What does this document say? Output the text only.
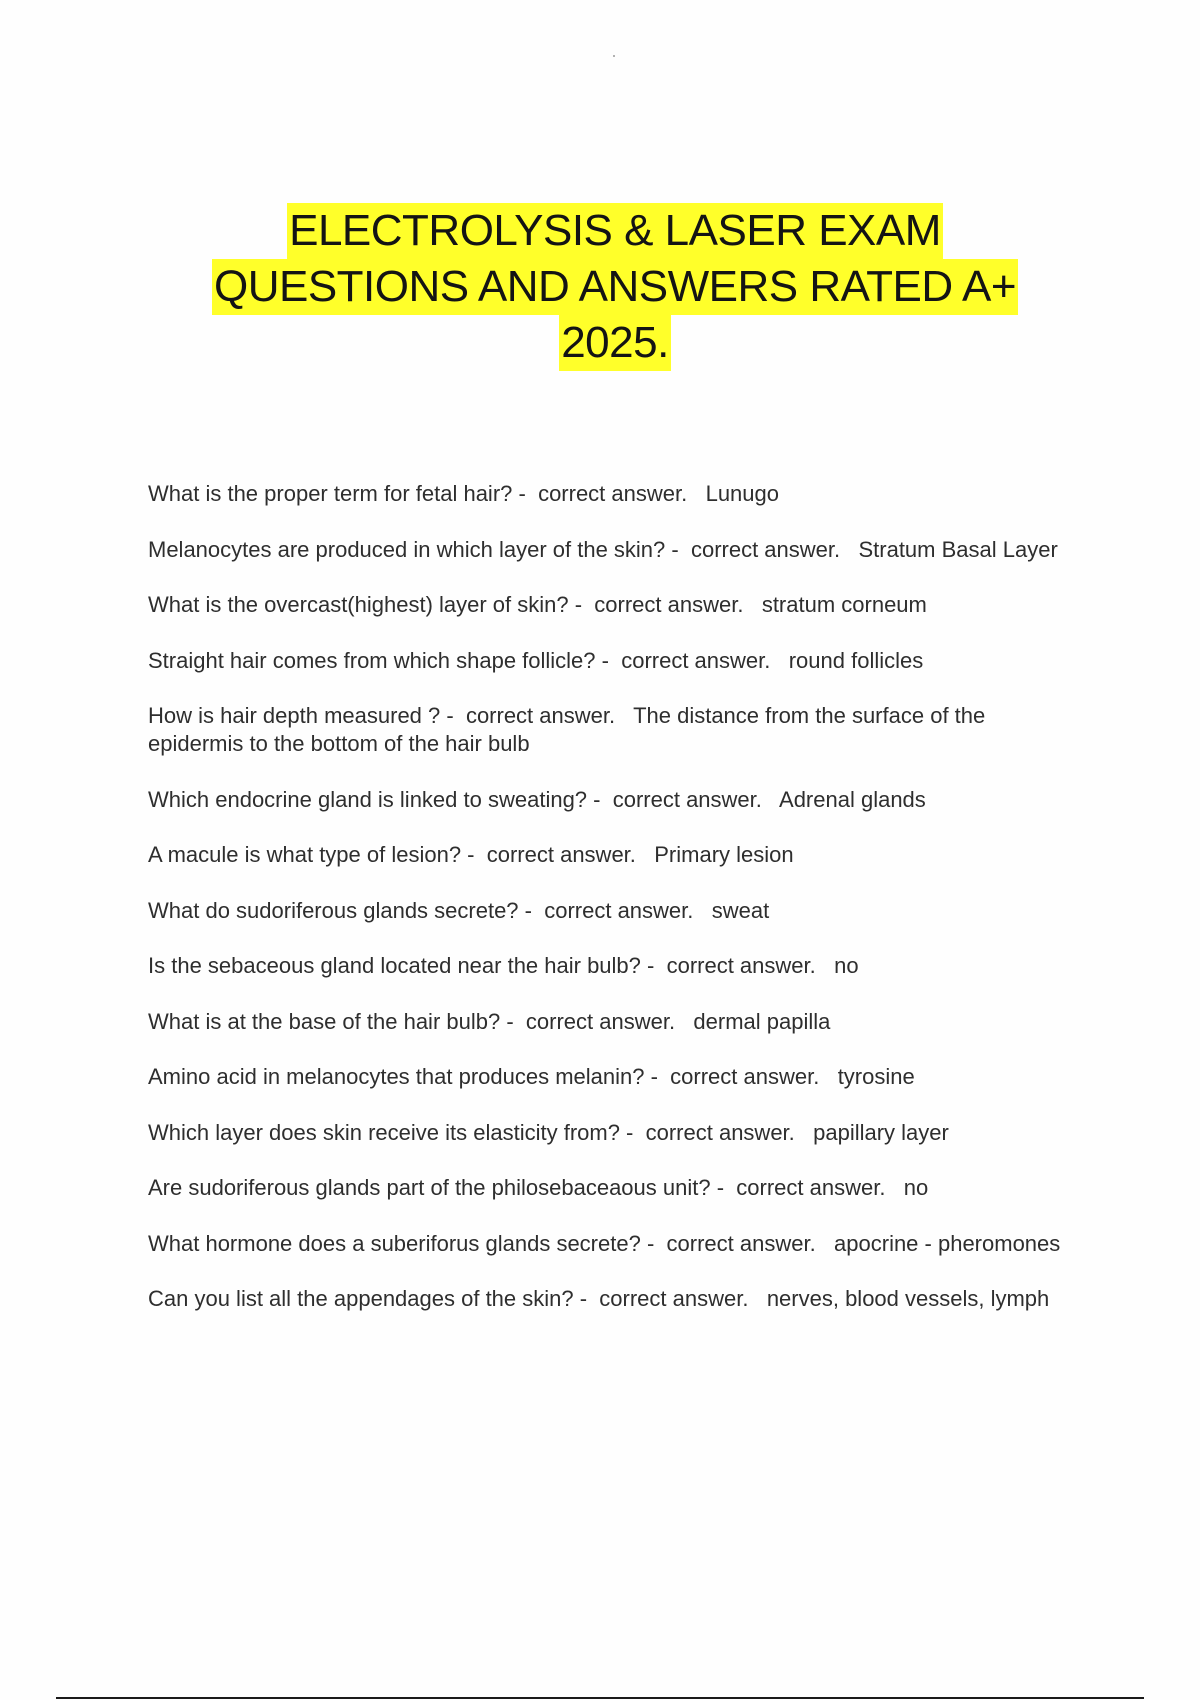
ELECTROLYSIS & LASER EXAM
QUESTIONS AND ANSWERS RATED A+
2025.
What is the proper term for fetal hair? - correct answer. Lunugo
Melanocytes are produced in which layer of the skin? - correct answer. Stratum Basal Layer
What is the overcast(highest) layer of skin? - correct answer. stratum corneum
Straight hair comes from which shape follicle? - correct answer. round follicles
How is hair depth measured ? - correct answer. The distance from the surface of the epidermis to the bottom of the hair bulb
Which endocrine gland is linked to sweating? - correct answer. Adrenal glands
A macule is what type of lesion? - correct answer. Primary lesion
What do sudoriferous glands secrete? - correct answer. sweat
Is the sebaceous gland located near the hair bulb? - correct answer. no
What is at the base of the hair bulb? - correct answer. dermal papilla
Amino acid in melanocytes that produces melanin? - correct answer. tyrosine
Which layer does skin receive its elasticity from? - correct answer. papillary layer
Are sudoriferous glands part of the philosebaceaous unit? - correct answer. no
What hormone does a suberiforus glands secrete? - correct answer. apocrine - pheromones
Can you list all the appendages of the skin? - correct answer. nerves, blood vessels, lymph
